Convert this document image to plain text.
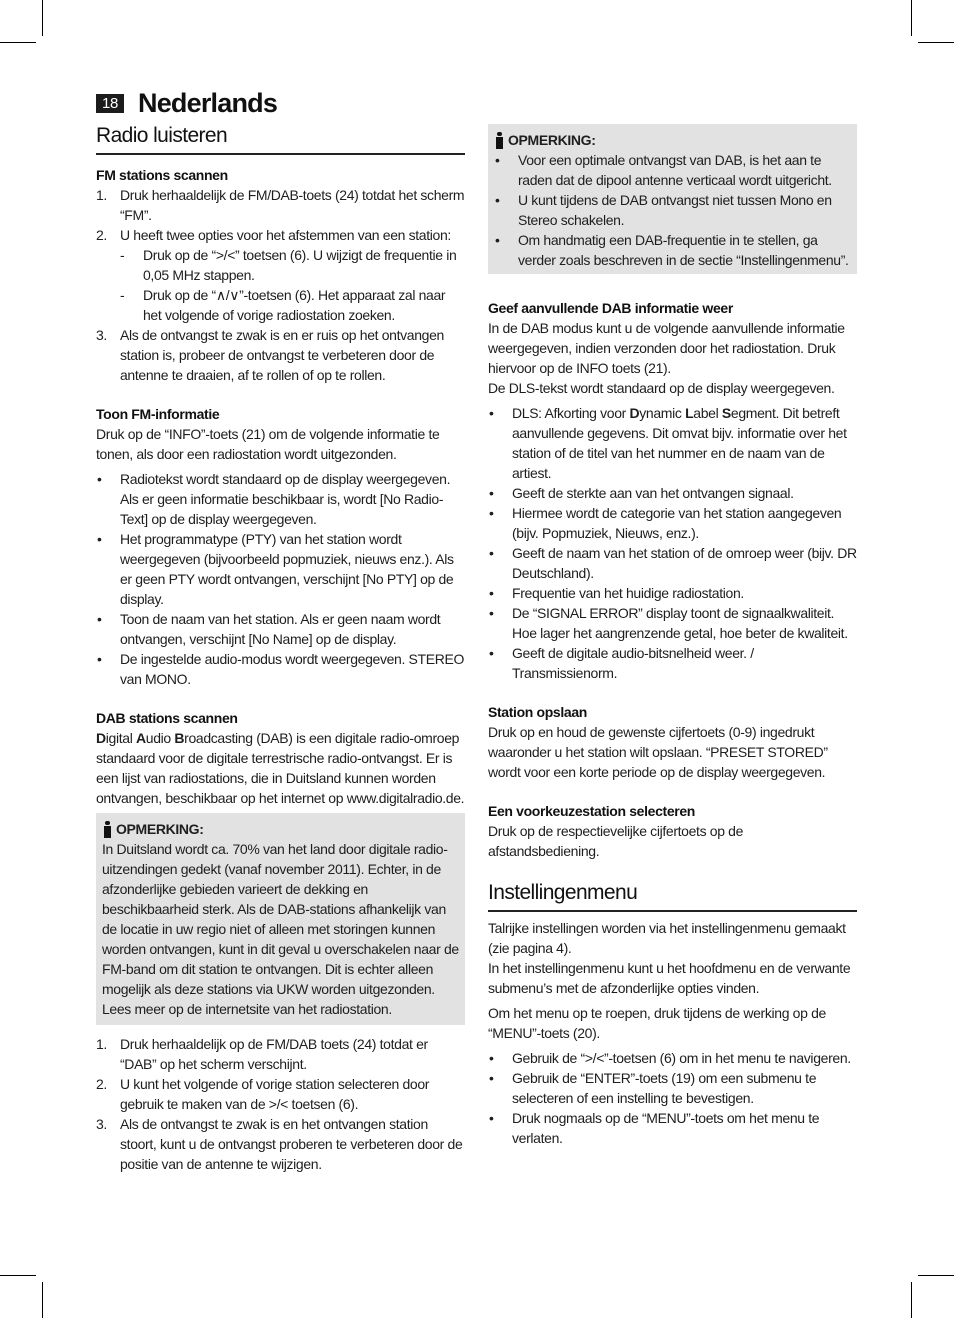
18 Nederlands
Radio luisteren

FM stations scannen

1. Druk herhaaldelijk de FM/DAB-toets (24) totdat het scherm “FM”.
2. U heeft twee opties voor het afstemmen van een station:
- Druk op de “>/<” toetsen (6). U wijzigt de frequentie in 0,05 MHz stappen.
- Druk op de “∧/∨”-toetsen (6). Het apparaat zal naar het volgende of vorige radiostation zoeken.
3. Als de ontvangst te zwak is en er ruis op het ontvangen station is, probeer de ontvangst te verbeteren door de antenne te draaien, af te rollen of op te rollen.

Toon FM-informatie

Druk op de “INFO”-toets (21) om de volgende informatie te tonen, als door een radiostation wordt uitgezonden.

• Radiotekst wordt standaard op de display weergegeven. Als er geen informatie beschikbaar is, wordt [No Radio-Text] op de display weergegeven.
• Het programmatype (PTY) van het station wordt weergegeven (bijvoorbeeld popmuziek, nieuws enz.). Als er geen PTY wordt ontvangen, verschijnt [No PTY] op de display.
• Toon de naam van het station. Als er geen naam wordt ontvangen, verschijnt [No Name] op de display.
• De ingestelde audio-modus wordt weergegeven. STEREO van MONO.

DAB stations scannen

Digital Audio Broadcasting (DAB) is een digitale radio-omroep standaard voor de digitale terrestrische radio-ontvangst. Er is een lijst van radiostations, die in Duitsland kunnen worden ontvangen, beschikbaar op het internet op www.digitalradio.de.

OPMERKING:

In Duitsland wordt ca. 70% van het land door digitale radio-uitzendingen gedekt (vanaf november 2011). Echter, in de afzonderlijke gebieden varieert de dekking en beschikbaarheid sterk. Als de DAB-stations afhankelijk van de locatie in uw regio niet of alleen met storingen kunnen worden ontvangen, kunt in dit geval u overschakelen naar de FM-band om dit station te ontvangen. Dit is echter alleen mogelijk als deze stations via UKW worden uitgezonden. Lees meer op de internetsite van het radiostation.

1. Druk herhaaldelijk op de FM/DAB toets (24) totdat er “DAB” op het scherm verschijnt.
2. U kunt het volgende of vorige station selecteren door gebruik te maken van de >/< toetsen (6).
3. Als de ontvangst te zwak is en het ontvangen station stoort, kunt u de ontvangst proberen te verbeteren door de positie van de antenne te wijzigen.
OPMERKING:
• Voor een optimale ontvangst van DAB, is het aan te raden dat de dipool antenne verticaal wordt uitgericht.
• U kunt tijdens de DAB ontvangst niet tussen Mono en Stereo schakelen.
• Om handmatig een DAB-frequentie in te stellen, ga verder zoals beschreven in de sectie “Instellingenmenu”.

Geef aanvullende DAB informatie weer

In de DAB modus kunt u de volgende aanvullende informatie weergegeven, indien verzonden door het radiostation. Druk hiervoor op de INFO toets (21).

De DLS-tekst wordt standaard op de display weergegeven.

• DLS: Afkorting voor Dynamic Label Segment. Dit betreft aanvullende gegevens. Dit omvat bijv. informatie over het station of de titel van het nummer en de naam van de artiest.
• Geeft de sterkte aan van het ontvangen signaal.
• Hiermee wordt de categorie van het station aangegeven (bijv. Popmuziek, Nieuws, enz.).
• Geeft de naam van het station of de omroep weer (bijv. DR Deutschland).
• Frequentie van het huidige radiostation.
• De “SIGNAL ERROR” display toont de signaalkwaliteit. Hoe lager het aangrenzende getal, hoe beter de kwaliteit.
• Geeft de digitale audio-bitsnelheid weer. / Transmissienorm.

Station opslaan

Druk op en houd de gewenste cijfertoets (0-9) ingedrukt waaronder u het station wilt opslaan. “PRESET STORED” wordt voor een korte periode op de display weergegeven.

Een voorkeuzestation selecteren

Druk op de respectievelijke cijfertoets op de afstandsbediening.

Instellingenmenu

Talrijke instellingen worden via het instellingenmenu gemaakt (zie pagina 4).

In het instellingenmenu kunt u het hoofdmenu en de verwante submenu’s met de afzonderlijke opties vinden.

Om het menu op te roepen, druk tijdens de werking op de “MENU”-toets (20).

• Gebruik de “>/<”-toetsen (6) om in het menu te navigeren.
• Gebruik de “ENTER”-toets (19) om een submenu te selecteren of een instelling te bevestigen.
• Druk nogmaals op de “MENU”-toets om het menu te verlaten.
